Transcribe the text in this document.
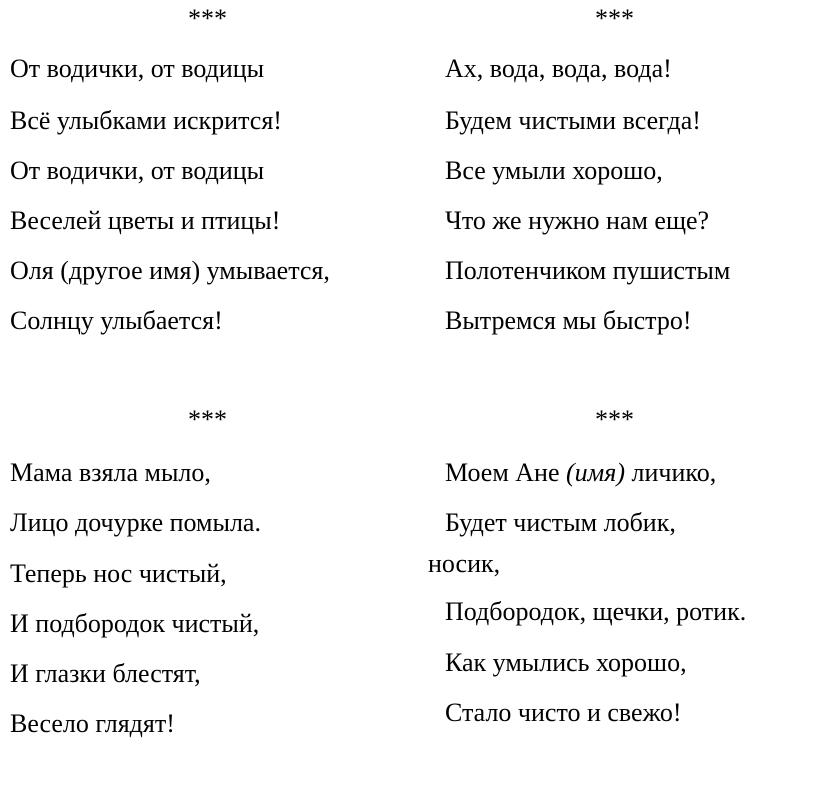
***
От водички, от водицы
Всё улыбками искрится!
От водички, от водицы
Веселей цветы и птицы!
Оля (другое имя) умывается,
Солнцу улыбается!
***
Ах, вода, вода, вода!
Будем чистыми всегда!
Все умыли хорошо,
Что же нужно нам еще?
Полотенчиком пушистым
Вытремся мы быстро!
***
Мама взяла мыло,
Лицо дочурке помыла.
Теперь нос чистый,
И подбородок чистый,
И глазки блестят,
Весело глядят!
***
Моем Ане (имя) личико,
Будет чистым лобик,
носик,
Подбородок, щечки, ротик.
Как умылись хорошо,
Стало чисто и свежо!
